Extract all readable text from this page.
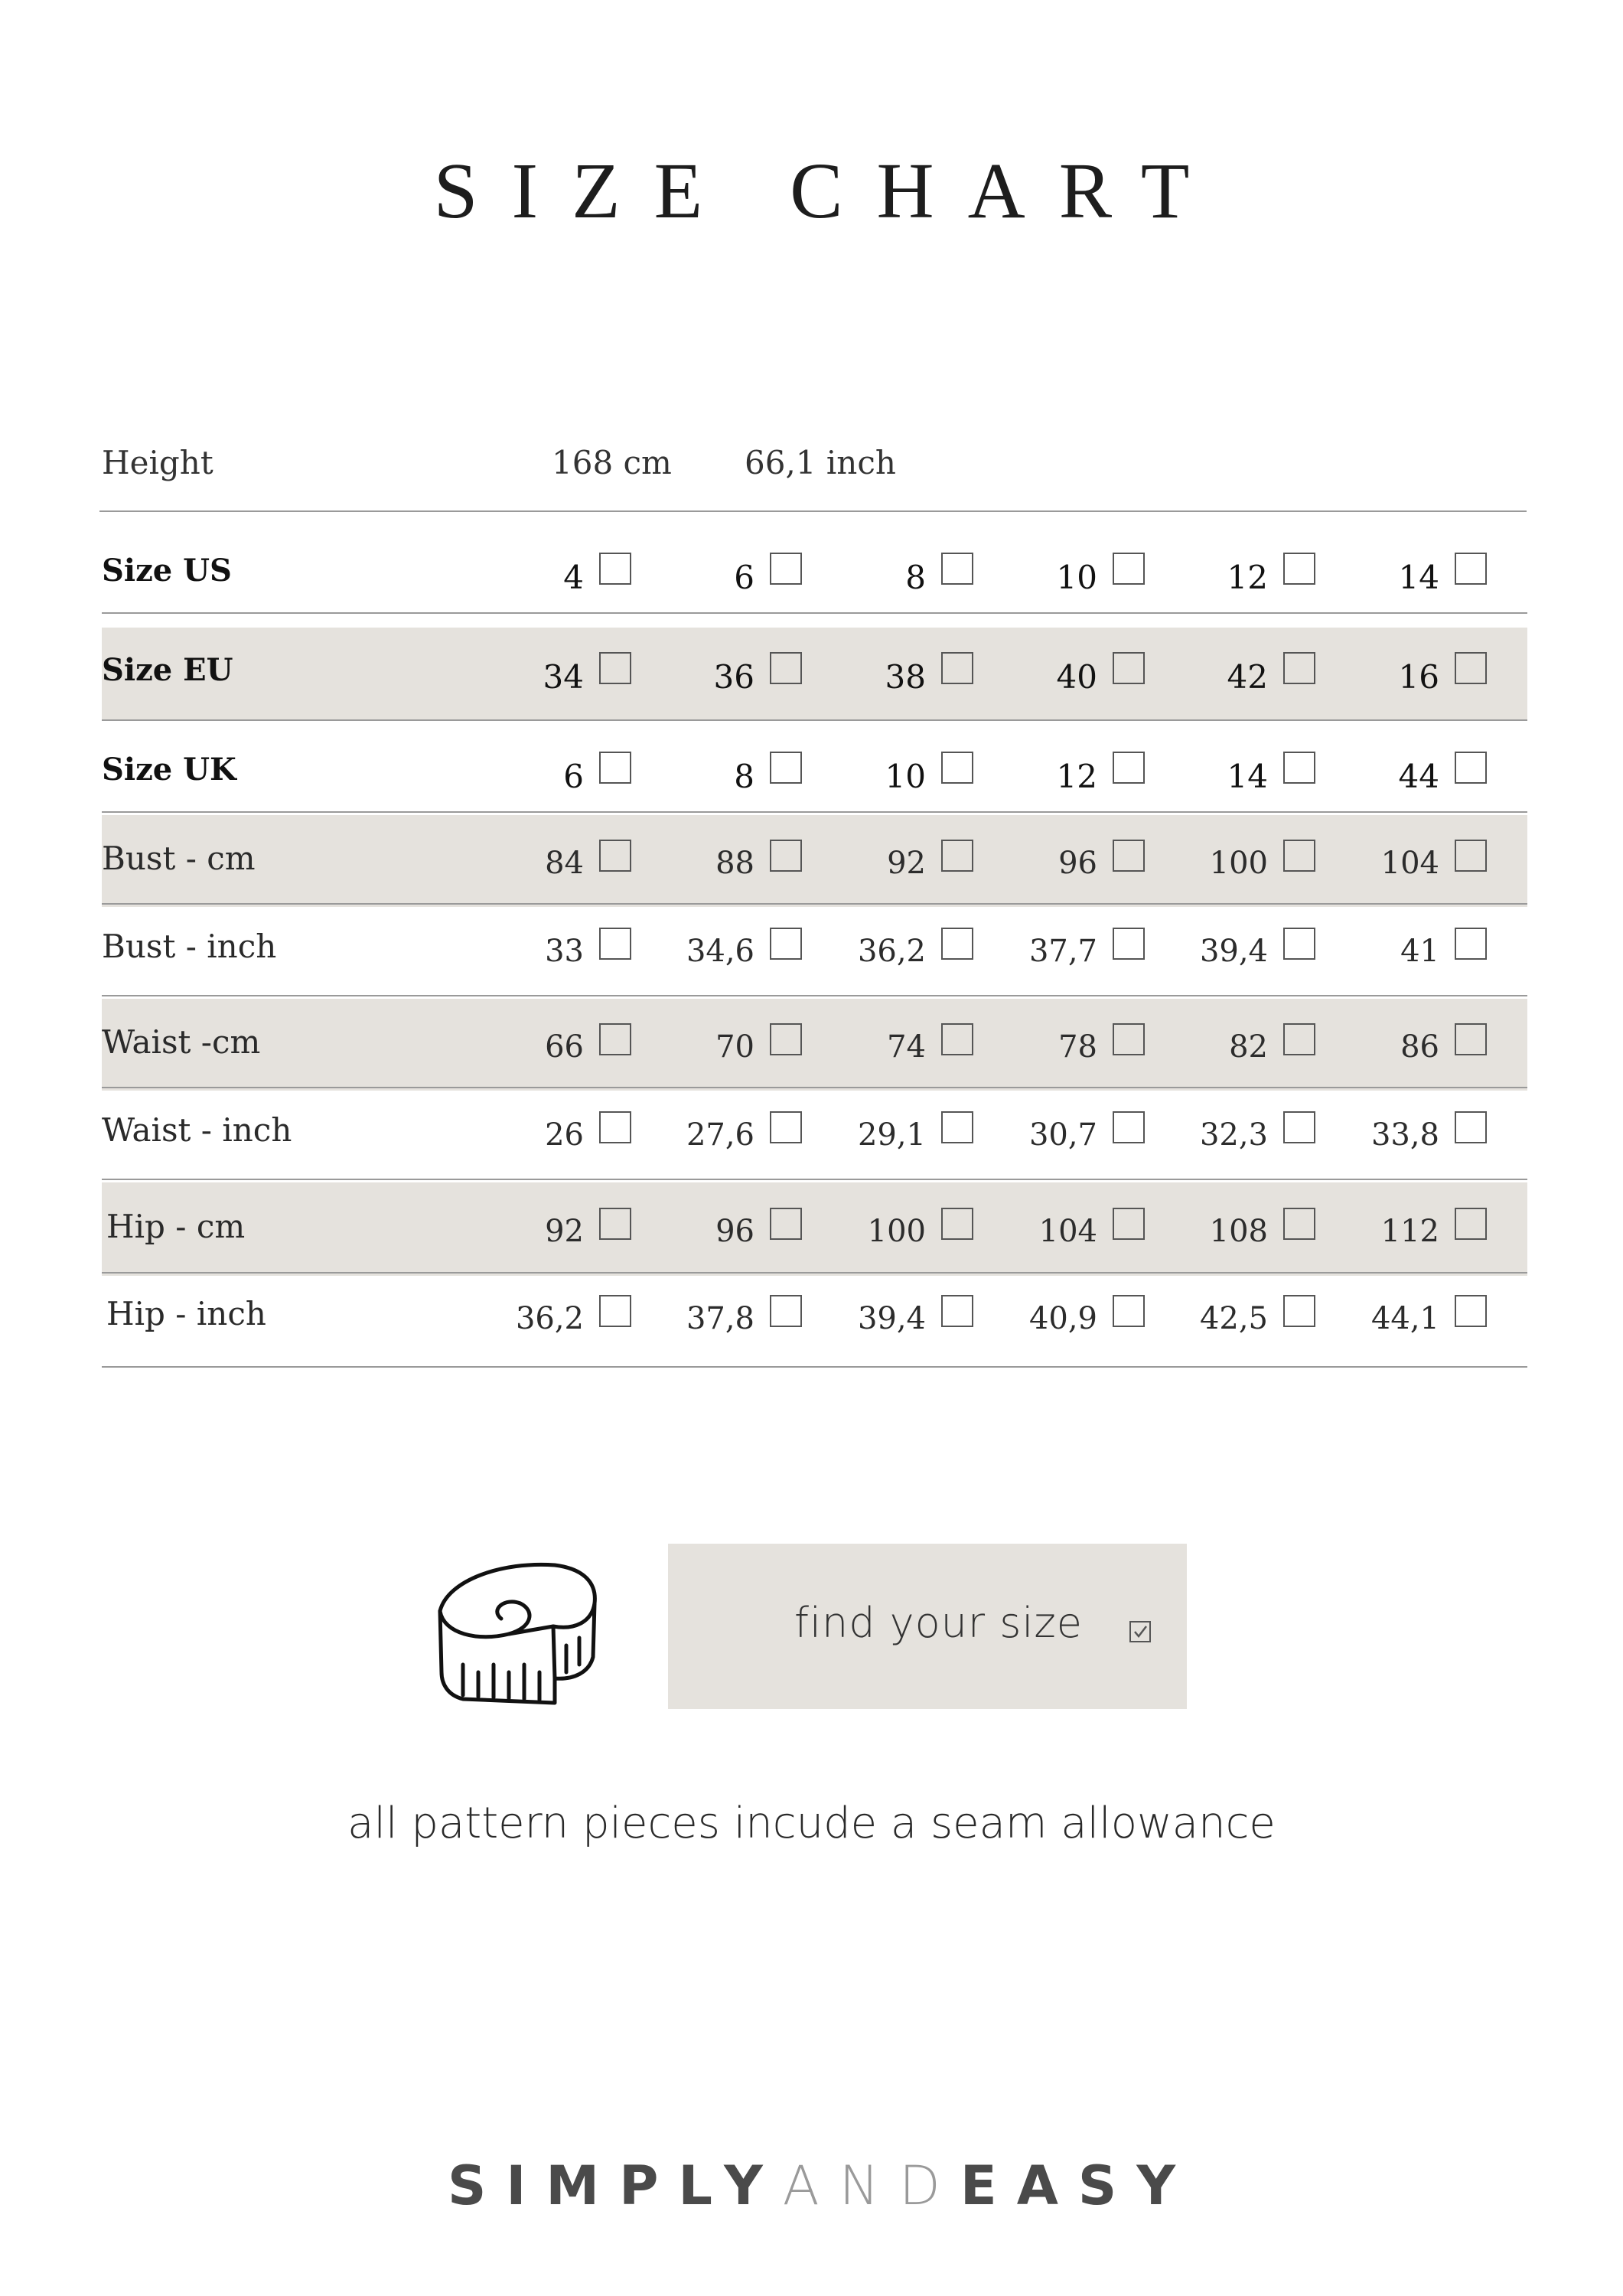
SIZE CHART
Height	168 cm 66,1 inch
Size US	4	6	8	10	12	14
Size EU	34	36	38	40	42	16
Size UK	6	8	10	12	14	44
Bust - cm	84	88	92	96	100	104
Bust - inch	33	34,6	36,2	37,7	39,4	41
Waist -cm	66	70	74	78	82	86
Waist - inch	26	27,6	29,1	30,7	32,3	33,8
Hip - cm	92	96	100	104	108	112
Hip - inch	36,2	37,8	39,4	40,9	42,5	44,1
find your size
all pattern pieces incude a seam allowance
SIMPLYANDEASY
